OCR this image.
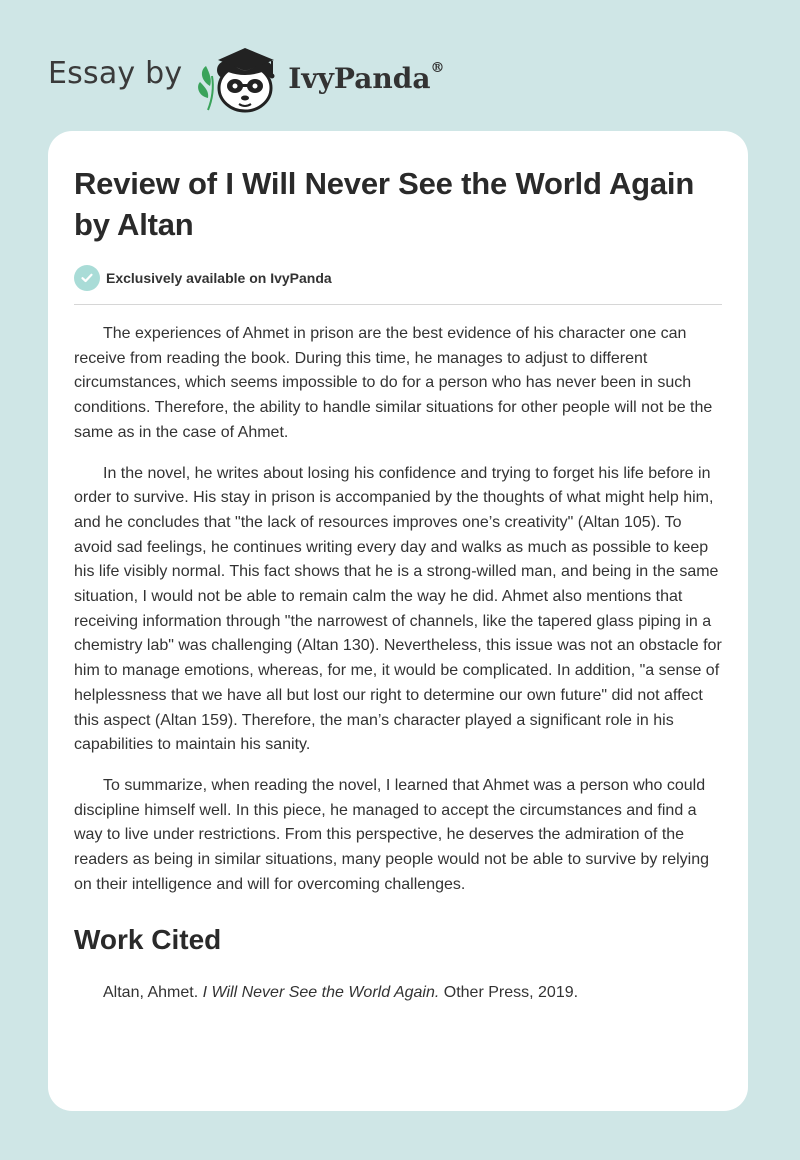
Essay by	IvyPanda®
Review of I Will Never See the World Again by Altan
Exclusively available on IvyPanda

The experiences of Ahmet in prison are the best evidence of his character one can receive from reading the book. During this time, he manages to adjust to different circumstances, which seems impossible to do for a person who has never been in such conditions. Therefore, the ability to handle similar situations for other people will not be the same as in the case of Ahmet.

In the novel, he writes about losing his confidence and trying to forget his life before in order to survive. His stay in prison is accompanied by the thoughts of what might help him, and he concludes that "the lack of resources improves one’s creativity" (Altan 105). To avoid sad feelings, he continues writing every day and walks as much as possible to keep his life visibly normal. This fact shows that he is a strong-willed man, and being in the same situation, I would not be able to remain calm the way he did. Ahmet also mentions that receiving information through "the narrowest of channels, like the tapered glass piping in a chemistry lab" was challenging (Altan 130). Nevertheless, this issue was not an obstacle for him to manage emotions, whereas, for me, it would be complicated. In addition, "a sense of helplessness that we have all but lost our right to determine our own future" did not affect this aspect (Altan 159). Therefore, the man’s character played a significant role in his capabilities to maintain his sanity.

To summarize, when reading the novel, I learned that Ahmet was a person who could discipline himself well. In this piece, he managed to accept the circumstances and find a way to live under restrictions. From this perspective, he deserves the admiration of the readers as being in similar situations, many people would not be able to survive by relying on their intelligence and will for overcoming challenges.

Work Cited
Altan, Ahmet. I Will Never See the World Again. Other Press, 2019.
